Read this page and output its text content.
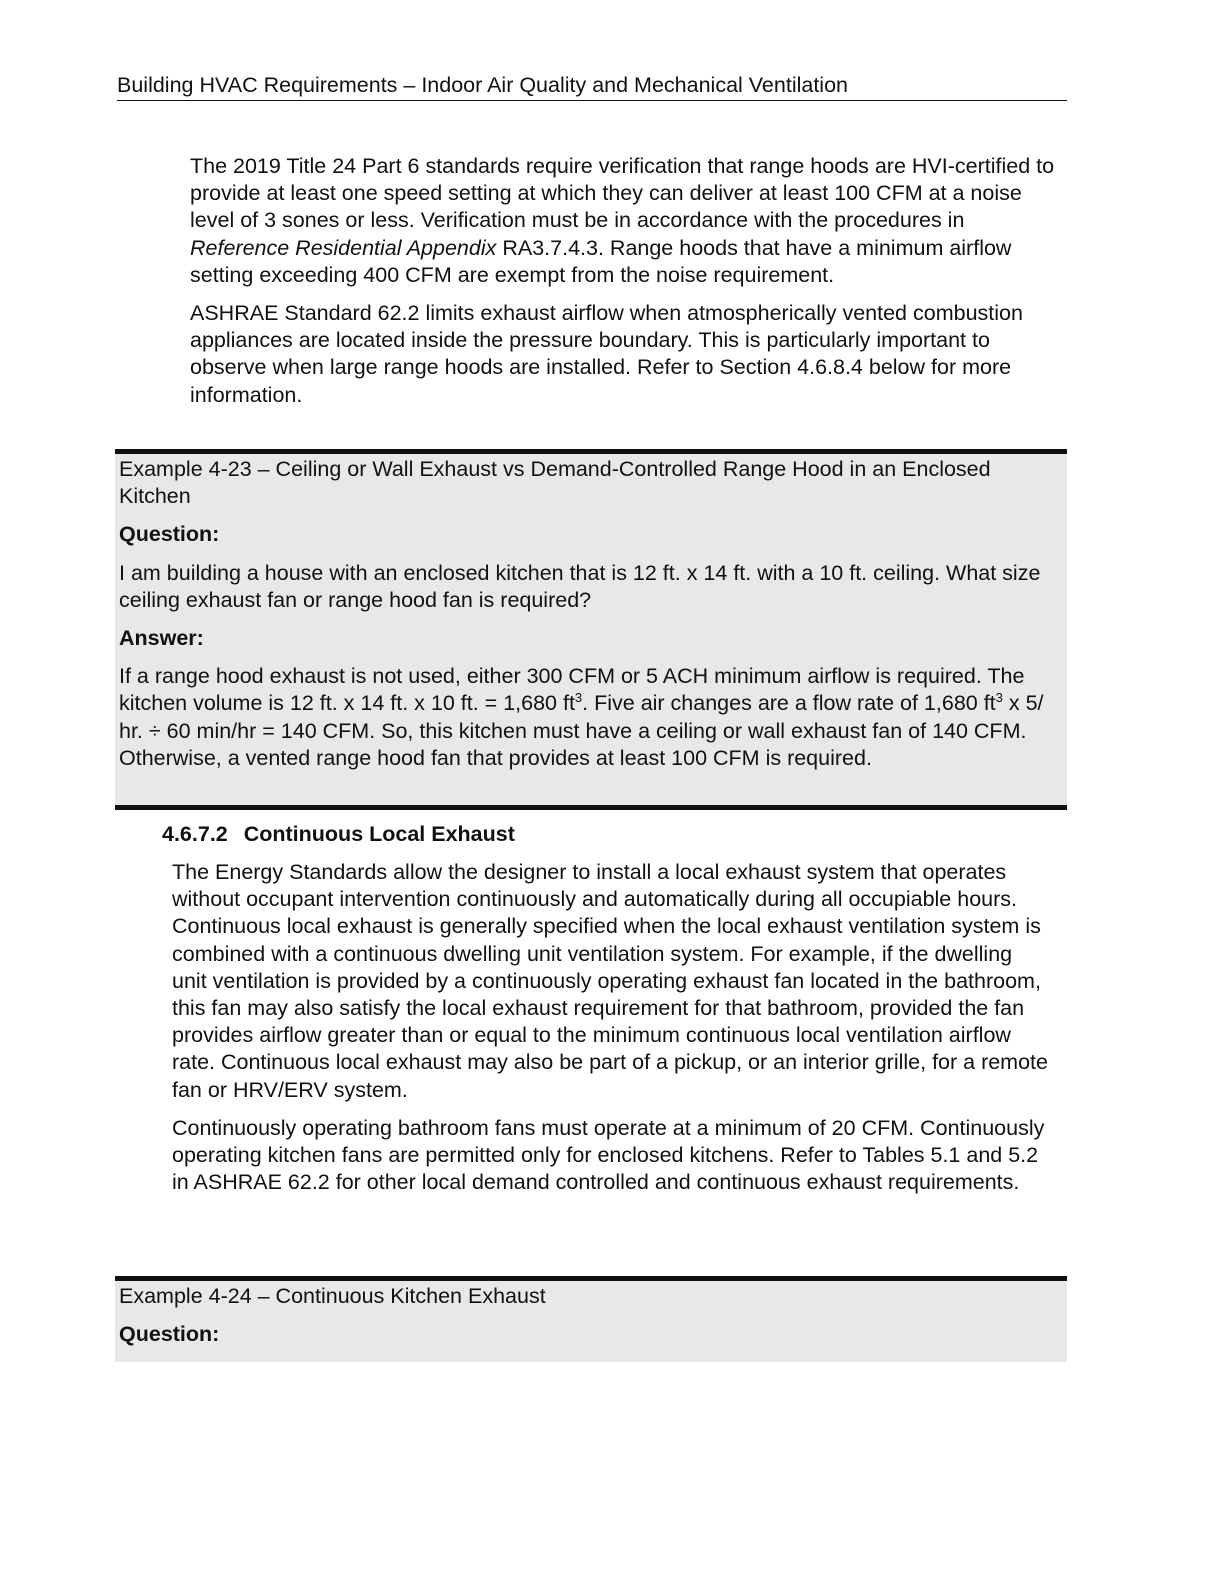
Building HVAC Requirements – Indoor Air Quality and Mechanical Ventilation

The 2019 Title 24 Part 6 standards require verification that range hoods are HVI-certified to provide at least one speed setting at which they can deliver at least 100 CFM at a noise level of 3 sones or less. Verification must be in accordance with the procedures in Reference Residential Appendix RA3.7.4.3. Range hoods that have a minimum airflow setting exceeding 400 CFM are exempt from the noise requirement.

ASHRAE Standard 62.2 limits exhaust airflow when atmospherically vented combustion appliances are located inside the pressure boundary. This is particularly important to observe when large range hoods are installed. Refer to Section 4.6.8.4 below for more information.

Example 4-23 – Ceiling or Wall Exhaust vs Demand-Controlled Range Hood in an Enclosed Kitchen

Question:

I am building a house with an enclosed kitchen that is 12 ft. x 14 ft. with a 10 ft. ceiling. What size ceiling exhaust fan or range hood fan is required?

Answer:

If a range hood exhaust is not used, either 300 CFM or 5 ACH minimum airflow is required. The kitchen volume is 12 ft. x 14 ft. x 10 ft. = 1,680 $ft^3$. Five air changes are a flow rate of 1,680 $ft^3$ x 5/ hr. ÷ 60 min/hr = 140 CFM. So, this kitchen must have a ceiling or wall exhaust fan of 140 CFM. Otherwise, a vented range hood fan that provides at least 100 CFM is required.

4.6.7.2 Continuous Local Exhaust

The Energy Standards allow the designer to install a local exhaust system that operates without occupant intervention continuously and automatically during all occupiable hours. Continuous local exhaust is generally specified when the local exhaust ventilation system is combined with a continuous dwelling unit ventilation system. For example, if the dwelling unit ventilation is provided by a continuously operating exhaust fan located in the bathroom, this fan may also satisfy the local exhaust requirement for that bathroom, provided the fan provides airflow greater than or equal to the minimum continuous local ventilation airflow rate. Continuous local exhaust may also be part of a pickup, or an interior grille, for a remote fan or HRV/ERV system.

Continuously operating bathroom fans must operate at a minimum of 20 CFM. Continuously operating kitchen fans are permitted only for enclosed kitchens. Refer to Tables 5.1 and 5.2 in ASHRAE 62.2 for other local demand controlled and continuous exhaust requirements.

Example 4-24 – Continuous Kitchen Exhaust

Question:
